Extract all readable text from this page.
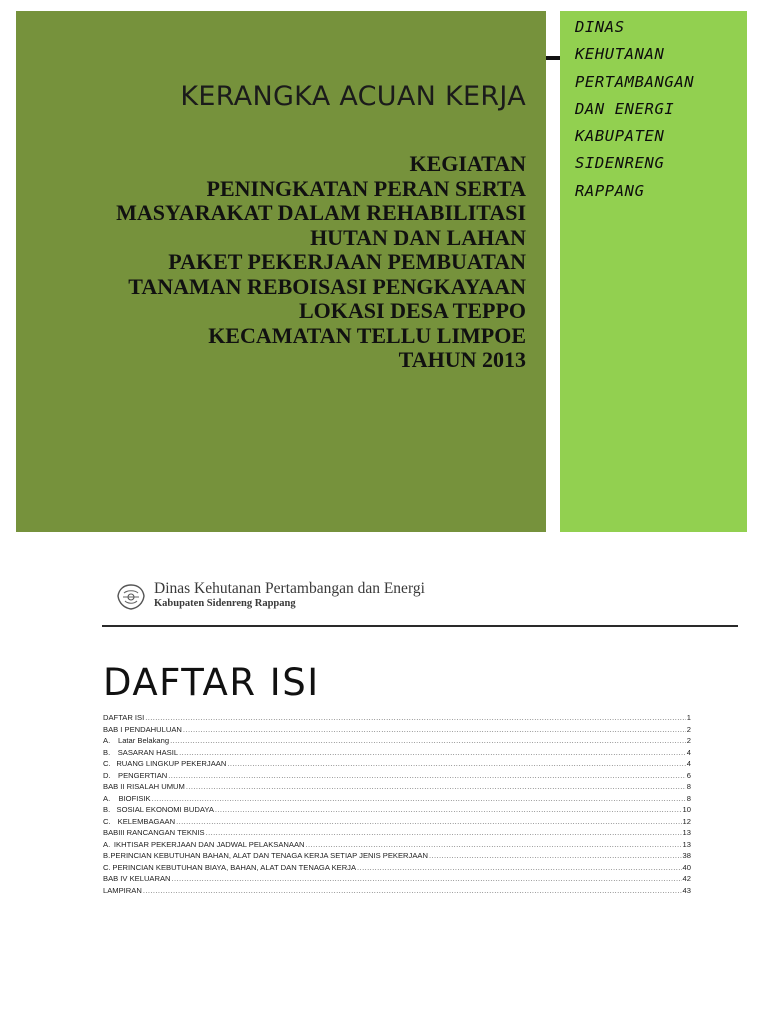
KERANGKA ACUAN KERJA
KEGIATAN
PENINGKATAN PERAN SERTA
MASYARAKAT DALAM REHABILITASI
HUTAN DAN LAHAN
PAKET PEKERJAAN PEMBUATAN
TANAMAN REBOISASI PENGKAYAAN
LOKASI DESA TEPPO
KECAMATAN TELLU LIMPOE
TAHUN 2013
DINAS
KEHUTANAN
PERTAMBANGAN
DAN ENERGI
KABUPATEN
SIDENRENG
RAPPANG
Dinas Kehutanan Pertambangan dan Energi
Kabupaten Sidenreng Rappang
DAFTAR ISI
DAFTAR ISI .....	1
BAB I PENDAHULUAN .....	2
A.	Latar Belakang .....	2
B. SASARAN HASIL .....	4
C. RUANG LINGKUP PEKERJAAN .....	4
D. PENGERTIAN .....	6
BAB II RISALAH UMUM .....	8
A.	BIOFISIK .....	8
B. SOSIAL EKONOMI BUDAYA .....	10
C. KELEMBAGAAN .....	12
BABIII RANCANGAN TEKNIS .....	13
A. IKHTISAR PEKERJAAN DAN JADWAL PELAKSANAAN .....	13
B. PERINCIAN KEBUTUHAN BAHAN, ALAT DAN TENAGA KERJA SETIAP JENIS PEKERJAAN .....	38
C. PERINCIAN KEBUTUHAN BIAYA, BAHAN, ALAT DAN TENAGA KERJA .....	40
BAB IV KELUARAN .....	42
LAMPIRAN .....	43
